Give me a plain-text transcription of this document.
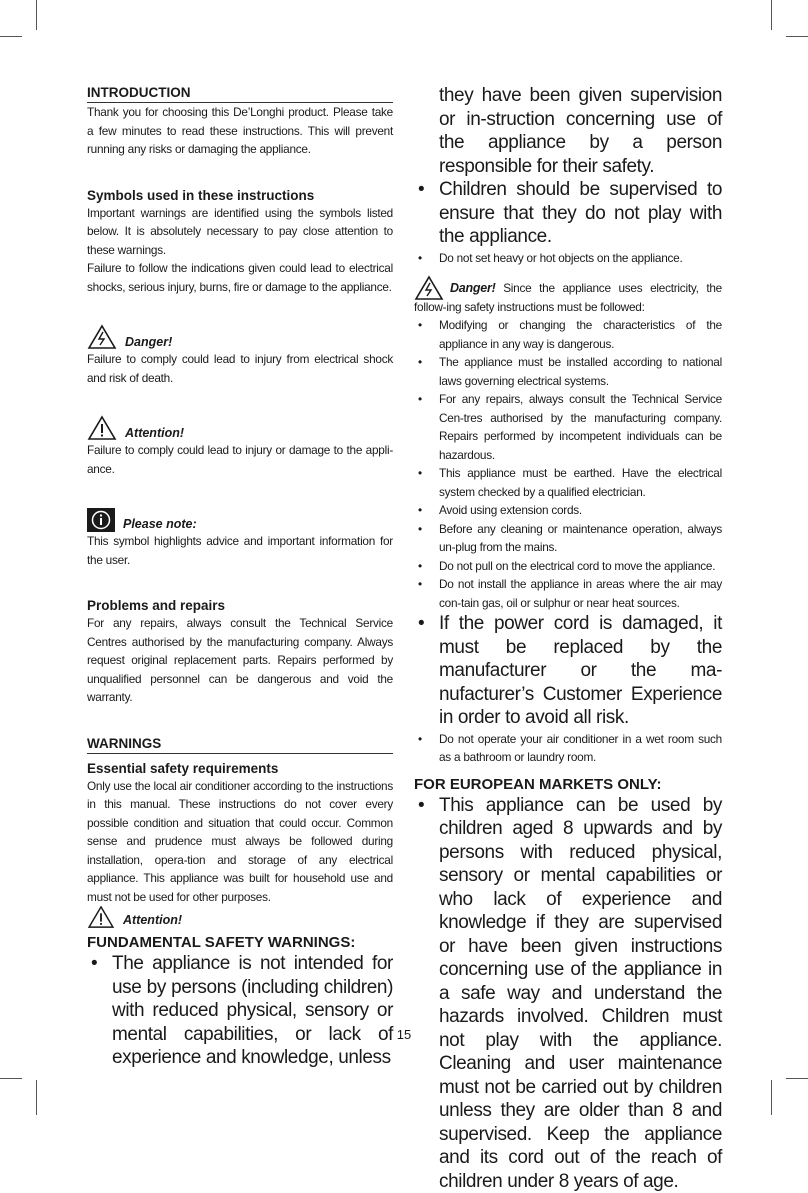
INTRODUCTION

Thank you for choosing this De’Longhi product. Please take a few minutes to read these instructions. This will prevent running any risks or damaging the appliance.

Symbols used in these instructions

Important warnings are identified using the symbols listed below. It is absolutely necessary to pay close attention to these warnings.

Failure to follow the indications given could lead to electrical shocks, serious injury, burns, fire or damage to the appliance.

Danger!

Failure to comply could lead to injury from electrical shock and risk of death.

Attention!

Failure to comply could lead to injury or damage to the appli-ance.

Please note:

This symbol highlights advice and important information for the user.

Problems and repairs

For any repairs, always consult the Technical Service Centres authorised by the manufacturing company. Always request original replacement parts. Repairs performed by unqualified personnel can be dangerous and void the warranty.

WARNINGS
Essential safety requirements

Only use the local air conditioner according to the instructions in this manual. These instructions do not cover every possible condition and situation that could occur. Common sense and prudence must always be followed during installation, opera-tion and storage of any electrical appliance. This appliance was built for household use and must not be used for other purposes.

Attention!
FUNDAMENTAL SAFETY WARNINGS:
• The appliance is not intended for use by persons (including children) with reduced physical, sensory or mental capabilities, or lack of experience and knowledge, unless

they have been given supervision or in-struction concerning use of the appliance by a person responsible for their safety.

• Children should be supervised to ensure that they do not play with the appliance.
• Do not set heavy or hot objects on the appliance.

Danger! Since the appliance uses electricity, the follow-ing safety instructions must be followed:

• Modifying or changing the characteristics of the appliance in any way is dangerous.
• The appliance must be installed according to national laws governing electrical systems.
• For any repairs, always consult the Technical Service Cen-tres authorised by the manufacturing company. Repairs performed by incompetent individuals can be hazardous.
• This appliance must be earthed. Have the electrical system checked by a qualified electrician.
• Avoid using extension cords.
• Before any cleaning or maintenance operation, always un-plug from the mains.
• Do not pull on the electrical cord to move the appliance.
• Do not install the appliance in areas where the air may con-tain gas, oil or sulphur or near heat sources.
• If the power cord is damaged, it must be replaced by the manufacturer or the ma-nufacturer’s Customer Experience in order to avoid all risk.
• Do not operate your air conditioner in a wet room such as a bathroom or laundry room.
FOR EUROPEAN MARKETS ONLY:
• This appliance can be used by children aged 8 upwards and by persons with reduced physical, sensory or mental capabilities or who lack of experience and knowledge if they are supervised or have been given instructions concerning use of the appliance in a safe way and understand the hazards involved. Children must not play with the appliance. Cleaning and user maintenance must not be carried out by children unless they are older than 8 and supervised. Keep the appliance and its cord out of the reach of children under 8 years of age.
15
